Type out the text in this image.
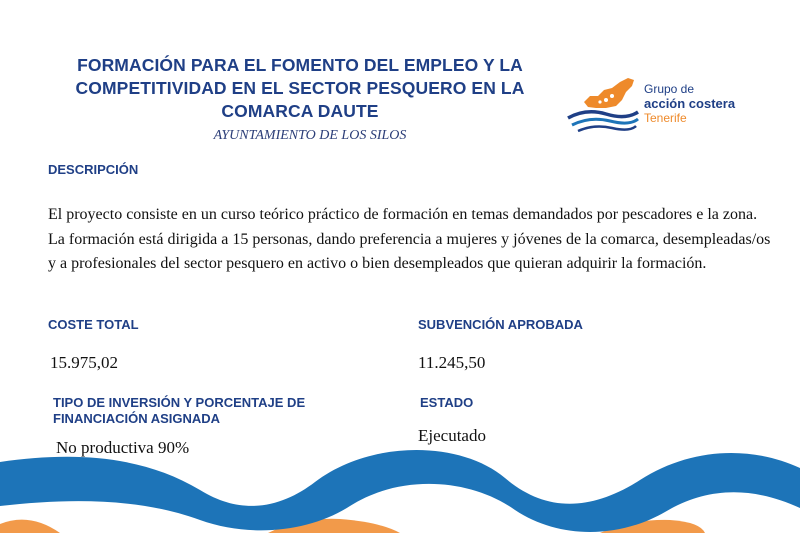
FORMACIÓN PARA EL FOMENTO DEL EMPLEO Y LA COMPETITIVIDAD EN EL SECTOR PESQUERO EN LA COMARCA DAUTE
AYUNTAMIENTO DE LOS SILOS
Grupo de
acción costera
Tenerife
DESCRIPCIÓN

El proyecto consiste en un curso teórico práctico de formación en temas demandados por pescadores e la zona. La formación está dirigida a 15 personas, dando preferencia a mujeres y jóvenes de la comarca, desempleadas/os y a profesionales del sector pesquero en activo o bien desempleados que quieran adquirir la formación.

COSTE TOTAL
15.975,02
SUBVENCIÓN APROBADA
11.245,50
TIPO DE INVERSIÓN Y PORCENTAJE DE
FINANCIACIÓN ASIGNADA
No productiva 90%
ESTADO
Ejecutado
